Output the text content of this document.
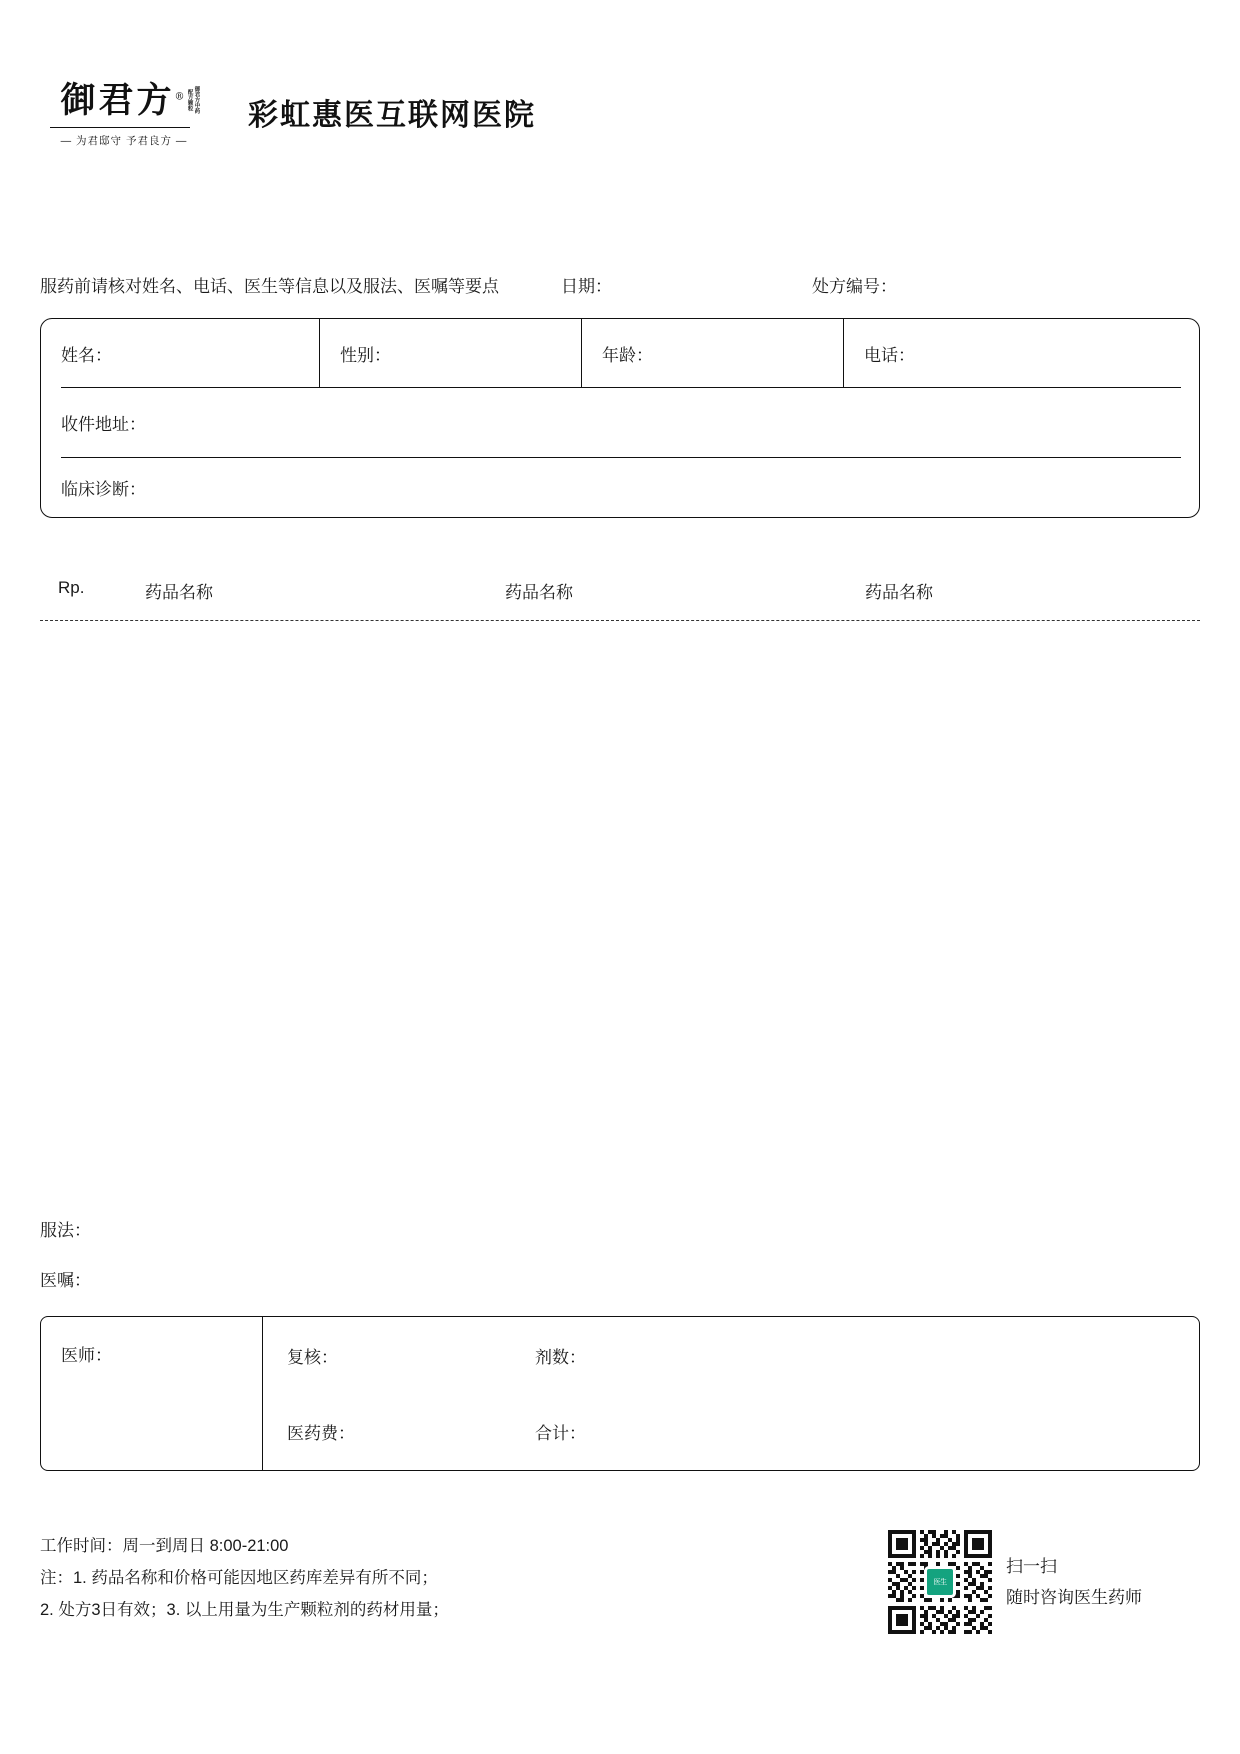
御君方®	御君方中药配方颗粒
— 为君邸守 予君良方 —
彩虹惠医互联网医院
服药前请核对姓名、电话、医生等信息以及服法、医嘱等要点	日期：	处方编号：
姓名：	性别：	年龄：	电话：
收件地址：
临床诊断：
Rp.	药品名称	药品名称	药品名称
服法：
医嘱：
医师：	复核：	剂数：
医药费：	合计：
工作时间：周一到周日 8:00-21:00
注：1. 药品名称和价格可能因地区药库差异有所不同；
2. 处方3日有效；3. 以上用量为生产颗粒剂的药材用量；
医生
扫一扫
随时咨询医生药师
